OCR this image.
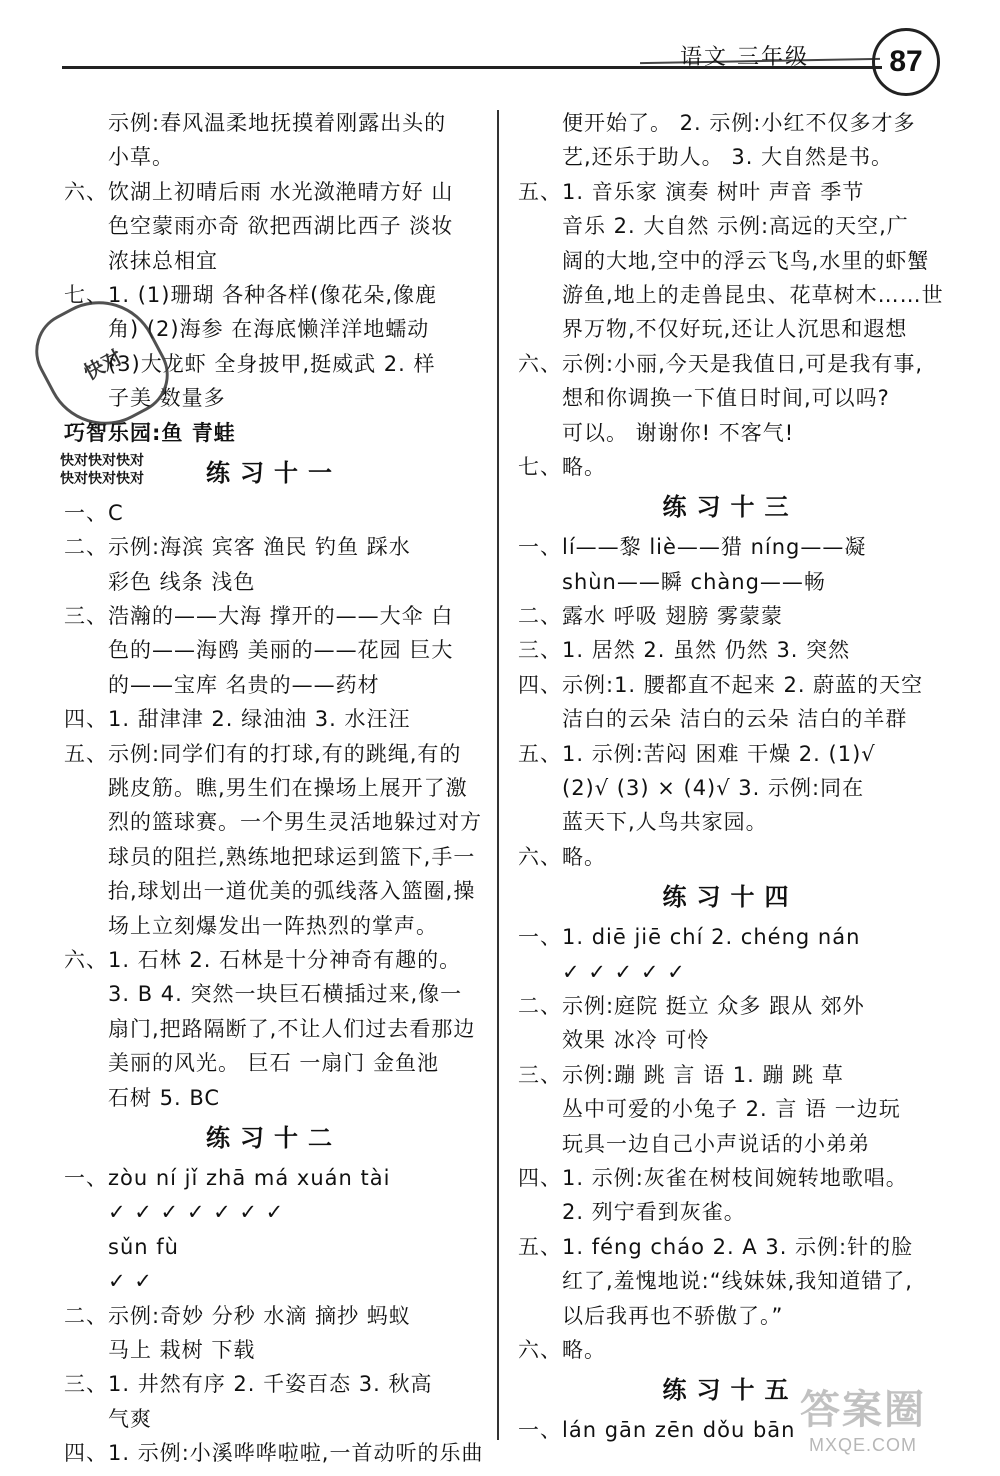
语文 三年级	87
示例:春风温柔地抚摸着刚露出头的
小草。
六、饮湖上初晴后雨 水光潋滟晴方好 山
色空蒙雨亦奇 欲把西湖比西子 淡妆
浓抹总相宜
七、1. (1)珊瑚 各种各样(像花朵,像鹿
角) (2)海参 在海底懒洋洋地蠕动
(3)大龙虾 全身披甲,挺威武 2. 样
子美 数量多
巧智乐园:鱼 青蛙
练习十一
一、C
二、示例:海滨 宾客 渔民 钓鱼 踩水
彩色 线条 浅色
三、浩瀚的——大海 撑开的——大伞 白
色的——海鸥 美丽的——花园 巨大
的——宝库 名贵的——药材
四、1. 甜津津 2. 绿油油 3. 水汪汪
五、示例:同学们有的打球,有的跳绳,有的
跳皮筋。瞧,男生们在操场上展开了激
烈的篮球赛。一个男生灵活地躲过对方
球员的阻拦,熟练地把球运到篮下,手一
抬,球划出一道优美的弧线落入篮圈,操
场上立刻爆发出一阵热烈的掌声。
六、1. 石林 2. 石林是十分神奇有趣的。
3. B 4. 突然一块巨石横插过来,像一
扇门,把路隔断了,不让人们过去看那边
美丽的风光。 巨石 一扇门 金鱼池
石树 5. BC
练习十二
一、zòu ní jǐ zhā má xuán tài
✓ ✓ ✓ ✓ ✓ ✓ ✓
sǔn fù
✓ ✓
二、示例:奇妙 分秒 水滴 摘抄 蚂蚁
马上 栽树 下载
三、1. 井然有序 2. 千姿百态 3. 秋高
气爽
四、1. 示例:小溪哗哗啦啦,一首动听的乐曲
便开始了。 2. 示例:小红不仅多才多
艺,还乐于助人。 3. 大自然是书。
五、1. 音乐家 演奏 树叶 声音 季节
音乐 2. 大自然 示例:高远的天空,广
阔的大地,空中的浮云飞鸟,水里的虾蟹
游鱼,地上的走兽昆虫、花草树木……世
界万物,不仅好玩,还让人沉思和遐想
六、示例:小丽,今天是我值日,可是我有事,
想和你调换一下值日时间,可以吗?
可以。 谢谢你! 不客气!
七、略。
练习十三
一、lí——黎 liè——猎 níng——凝
shùn——瞬 chàng——畅
二、露水 呼吸 翅膀 雾蒙蒙
三、1. 居然 2. 虽然 仍然 3. 突然
四、示例:1. 腰都直不起来 2. 蔚蓝的天空
洁白的云朵 洁白的云朵 洁白的羊群
五、1. 示例:苦闷 困难 干燥 2. (1)√
(2)√ (3) × (4)√ 3. 示例:同在
蓝天下,人鸟共家园。
六、略。
练习十四
一、1. diē jiē chí 2. chéng nán
✓ ✓ ✓ ✓ ✓
二、示例:庭院 挺立 众多 跟从 郊外
效果 冰冷 可怜
三、示例:蹦 跳 言 语 1. 蹦 跳 草
丛中可爱的小兔子 2. 言 语 一边玩
玩具一边自己小声说话的小弟弟
四、1. 示例:灰雀在树枝间婉转地歌唱。
2. 列宁看到灰雀。
五、1. féng cháo 2. A 3. 示例:针的脸
红了,羞愧地说:“线妹妹,我知道错了,
以后我再也不骄傲了。”
六、略。
练习十五
一、lán gān zēn dǒu bān
快对
快对快对快对
快对快对快对
答案圈
MXQE.COM
